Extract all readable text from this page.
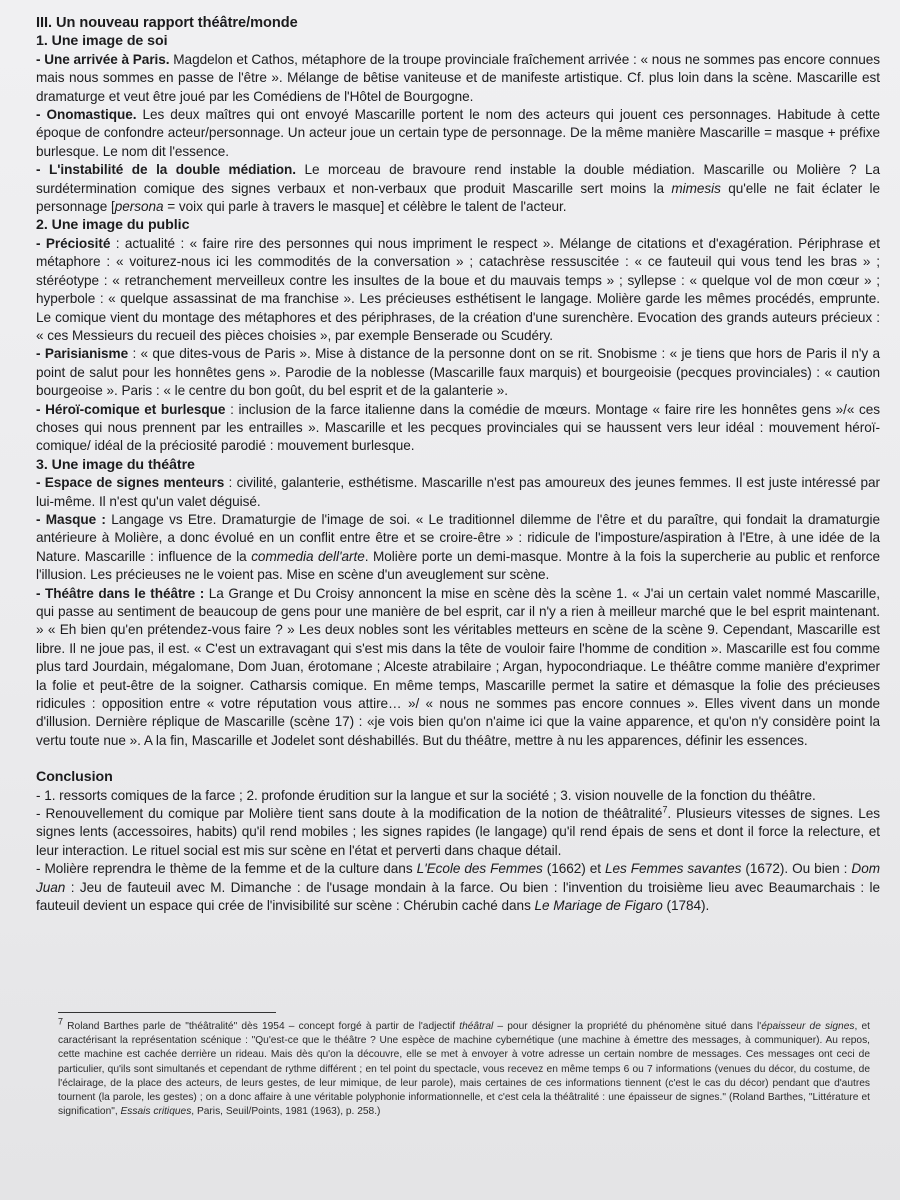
III. Un nouveau rapport théâtre/monde

1. Une image de soi

- Une arrivée à Paris. Magdelon et Cathos, métaphore de la troupe provinciale fraîchement arrivée : « nous ne sommes pas encore connues mais nous sommes en passe de l'être ». Mélange de bêtise vaniteuse et de manifeste artistique. Cf. plus loin dans la scène. Mascarille est dramaturge et veut être joué par les Comédiens de l'Hôtel de Bourgogne.

- Onomastique. Les deux maîtres qui ont envoyé Mascarille portent le nom des acteurs qui jouent ces personnages. Habitude à cette époque de confondre acteur/personnage. Un acteur joue un certain type de personnage. De la même manière Mascarille = masque + préfixe burlesque. Le nom dit l'essence.

- L'instabilité de la double médiation. Le morceau de bravoure rend instable la double médiation. Mascarille ou Molière ? La surdétermination comique des signes verbaux et non-verbaux que produit Mascarille sert moins la mimesis qu'elle ne fait éclater le personnage [persona = voix qui parle à travers le masque] et célèbre le talent de l'acteur.

2. Une image du public

- Préciosité : actualité : « faire rire des personnes qui nous impriment le respect ». Mélange de citations et d'exagération. Périphrase et métaphore : « voiturez-nous ici les commodités de la conversation » ; catachrèse ressuscitée : « ce fauteuil qui vous tend les bras » ; stéréotype : « retranchement merveilleux contre les insultes de la boue et du mauvais temps » ; syllepse : « quelque vol de mon cœur » ; hyperbole : « quelque assassinat de ma franchise ». Les précieuses esthétisent le langage. Molière garde les mêmes procédés, emprunte. Le comique vient du montage des métaphores et des périphrases, de la création d'une surenchère. Evocation des grands auteurs précieux : « ces Messieurs du recueil des pièces choisies », par exemple Benserade ou Scudéry.

- Parisianisme : « que dites-vous de Paris ». Mise à distance de la personne dont on se rit. Snobisme : « je tiens que hors de Paris il n'y a point de salut pour les honnêtes gens ». Parodie de la noblesse (Mascarille faux marquis) et bourgeoisie (pecques provinciales) : « caution bourgeoise ». Paris : « le centre du bon goût, du bel esprit et de la galanterie ».

- Héroï-comique et burlesque : inclusion de la farce italienne dans la comédie de mœurs. Montage « faire rire les honnêtes gens »/« ces choses qui nous prennent par les entrailles ». Mascarille et les pecques provinciales qui se haussent vers leur idéal : mouvement héroï-comique/ idéal de la préciosité parodié : mouvement burlesque.

3. Une image du théâtre

- Espace de signes menteurs : civilité, galanterie, esthétisme. Mascarille n'est pas amoureux des jeunes femmes. Il est juste intéressé par lui-même. Il n'est qu'un valet déguisé.

- Masque : Langage vs Etre. Dramaturgie de l'image de soi. « Le traditionnel dilemme de l'être et du paraître, qui fondait la dramaturgie antérieure à Molière, a donc évolué en un conflit entre être et se croire-être » : ridicule de l'imposture/aspiration à l'Etre, à une idée de la Nature. Mascarille : influence de la commedia dell'arte. Molière porte un demi-masque. Montre à la fois la supercherie au public et renforce l'illusion. Les précieuses ne le voient pas. Mise en scène d'un aveuglement sur scène.

- Théâtre dans le théâtre : La Grange et Du Croisy annoncent la mise en scène dès la scène 1. « J'ai un certain valet nommé Mascarille, qui passe au sentiment de beaucoup de gens pour une manière de bel esprit, car il n'y a rien à meilleur marché que le bel esprit maintenant. » « Eh bien qu'en prétendez-vous faire ? » Les deux nobles sont les véritables metteurs en scène de la scène 9. Cependant, Mascarille est libre. Il ne joue pas, il est. « C'est un extravagant qui s'est mis dans la tête de vouloir faire l'homme de condition ». Mascarille est fou comme plus tard Jourdain, mégalomane, Dom Juan, érotomane ; Alceste atrabilaire ; Argan, hypocondriaque. Le théâtre comme manière d'exprimer la folie et peut-être de la soigner. Catharsis comique. En même temps, Mascarille permet la satire et démasque la folie des précieuses ridicules : opposition entre « votre réputation vous attire… »/ « nous ne sommes pas encore connues ». Elles vivent dans un monde d'illusion. Dernière réplique de Mascarille (scène 17) : «je vois bien qu'on n'aime ici que la vaine apparence, et qu'on n'y considère point la vertu toute nue ». A la fin, Mascarille et Jodelet sont déshabillés. But du théâtre, mettre à nu les apparences, définir les essences.

Conclusion

- 1. ressorts comiques de la farce ; 2. profonde érudition sur la langue et sur la société ; 3. vision nouvelle de la fonction du théâtre.

- Renouvellement du comique par Molière tient sans doute à la modification de la notion de théâtralité$^7$. Plusieurs vitesses de signes. Les signes lents (accessoires, habits) qu'il rend mobiles ; les signes rapides (le langage) qu'il rend épais de sens et dont il force la relecture, et leur interaction. Le rituel social est mis sur scène en l'état et perverti dans chaque détail.

- Molière reprendra le thème de la femme et de la culture dans L'Ecole des Femmes (1662) et Les Femmes savantes (1672). Ou bien : Dom Juan : Jeu de fauteuil avec M. Dimanche : de l'usage mondain à la farce. Ou bien : l'invention du troisième lieu avec Beaumarchais : le fauteuil devient un espace qui crée de l'invisibilité sur scène : Chérubin caché dans Le Mariage de Figaro (1784).

7 Roland Barthes parle de "théâtralité" dès 1954 – concept forgé à partir de l'adjectif théâtral – pour désigner la propriété du phénomène situé dans l'épaisseur de signes, et caractérisant la représentation scénique : "Qu'est-ce que le théâtre ? Une espèce de machine cybernétique (une machine à émettre des messages, à communiquer). Au repos, cette machine est cachée derrière un rideau. Mais dès qu'on la découvre, elle se met à envoyer à votre adresse un certain nombre de messages. Ces messages ont ceci de particulier, qu'ils sont simultanés et cependant de rythme différent ; en tel point du spectacle, vous recevez en même temps 6 ou 7 informations (venues du décor, du costume, de l'éclairage, de la place des acteurs, de leurs gestes, de leur mimique, de leur parole), mais certaines de ces informations tiennent (c'est le cas du décor) pendant que d'autres tournent (la parole, les gestes) ; on a donc affaire à une véritable polyphonie informationnelle, et c'est cela la théâtralité : une épaisseur de signes." (Roland Barthes, "Littérature et signification", Essais critiques, Paris, Seuil/Points, 1981 (1963), p. 258.)
